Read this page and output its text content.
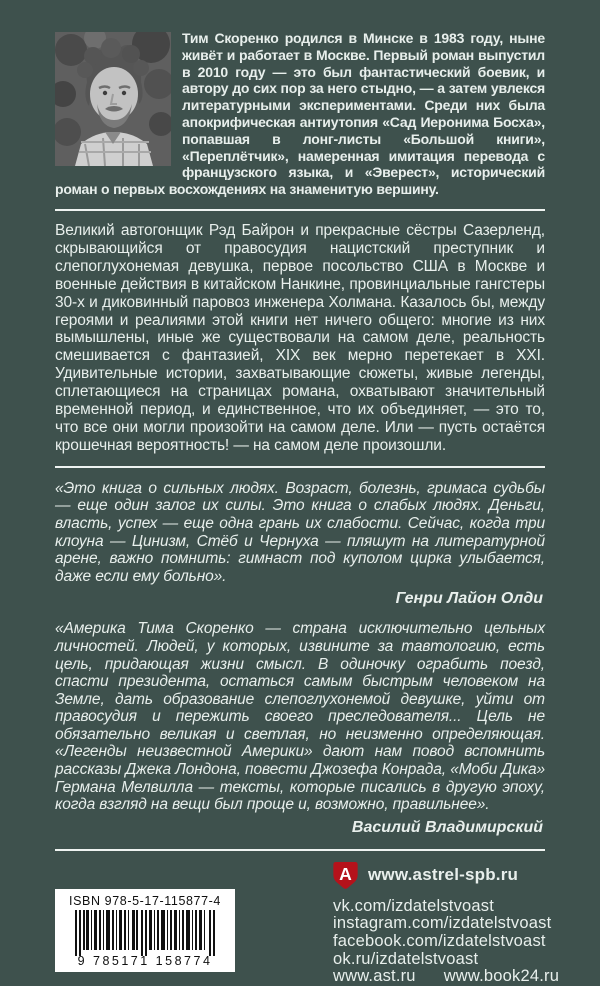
Тим Скоренко родился в Минске в 1983 году, ныне живёт и работает в Москве. Первый роман выпустил в 2010 году — это был фантастический боевик, и автору до сих пор за него стыдно, — а затем увлекся литературными экспериментами. Среди них была апокрифическая антиутопия «Сад Иеронима Босха», попавшая в лонг-листы «Большой книги», «Переплётчик», намеренная имитация перевода с французского языка, и «Эверест», исторический роман о первых восхождениях на знаменитую вершину.

Великий автогонщик Рэд Байрон и прекрасные сёстры Сазерленд, скрывающийся от правосудия нацистский преступник и слепоглухонемая девушка, первое посольство США в Москве и военные действия в китайском Нанкине, провинциальные гангстеры 30-х и диковинный паровоз инженера Холмана. Казалось бы, между героями и реалиями этой книги нет ничего общего: многие из них вымышлены, иные же существовали на самом деле, реальность смешивается с фантазией, XIX век мерно перетекает в XXI. Удивительные истории, захватывающие сюжеты, живые легенды, сплетающиеся на страницах романа, охватывают значительный временной период, и единственное, что их объединяет, — это то, что все они могли произойти на самом деле. Или — пусть остаётся крошечная вероятность! — на самом деле произошли.

«Это книга о сильных людях. Возраст, болезнь, гримаса судьбы — еще один залог их силы. Это книга о слабых людях. Деньги, власть, успех — еще одна грань их слабости. Сейчас, когда три клоуна — Цинизм, Стёб и Чернуха — пляшут на литературной арене, важно помнить: гимнаст под куполом цирка улыбается, даже если ему больно».

Генри Лайон Олди

«Америка Тима Скоренко — страна исключительно цельных личностей. Людей, у которых, извините за тавтологию, есть цель, придающая жизни смысл. В одиночку ограбить поезд, спасти президента, остаться самым быстрым человеком на Земле, дать образование слепоглухонемой девушке, уйти от правосудия и пережить своего преследователя... Цель не обязательно великая и светлая, но неизменно определяющая. «Легенды неизвестной Америки» дают нам повод вспомнить рассказы Джека Лондона, повести Джозефа Конрада, «Моби Дика» Германа Мелвилла — тексты, которые писались в другую эпоху, когда взгляд на вещи был проще и, возможно, правильнее».

Василий Владимирский
ISBN 978-5-17-115877-4
9 785171 158774
А www.astrel-spb.ru
vk.com/izdatelstvoast
instagram.com/izdatelstvoast
facebook.com/izdatelstvoast
ok.ru/izdatelstvoast
www.ast.ru www.book24.ru
